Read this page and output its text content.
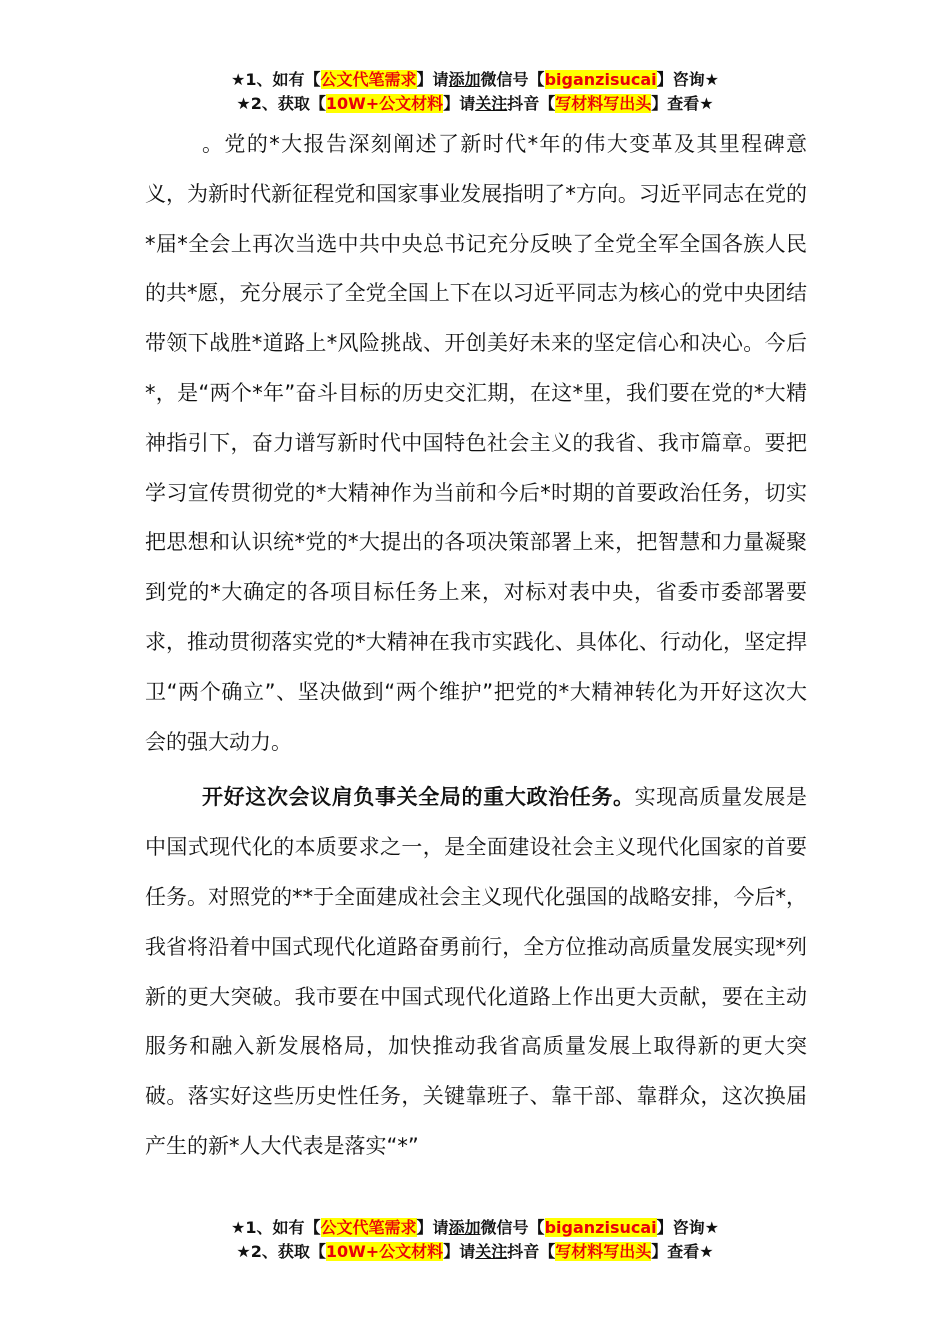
★1、如有【公文代笔需求】请添加微信号【biganzisucai】咨询★
★2、获取【10W+公文材料】请关注抖音【写材料写出头】查看★

。党的*大报告深刻阐述了新时代*年的伟大变革及其里程碑意义，为新时代新征程党和国家事业发展指明了*方向。习近平同志在党的*届*全会上再次当选中共中央总书记充分反映了全党全军全国各族人民的共*愿，充分展示了全党全国上下在以习近平同志为核心的党中央团结带领下战胜*道路上*风险挑战、开创美好未来的坚定信心和决心。今后*，是“两个*年”奋斗目标的历史交汇期，在这*里，我们要在党的*大精神指引下，奋力谱写新时代中国特色社会主义的我省、我市篇章。要把学习宣传贯彻党的*大精神作为当前和今后*时期的首要政治任务，切实把思想和认识统*党的*大提出的各项决策部署上来，把智慧和力量凝聚到党的*大确定的各项目标任务上来，对标对表中央，省委市委部署要求，推动贯彻落实党的*大精神在我市实践化、具体化、行动化，坚定捍卫“两个确立”、坚决做到“两个维护”把党的*大精神转化为开好这次大会的强大动力。

开好这次会议肩负事关全局的重大政治任务。实现高质量发展是中国式现代化的本质要求之一，是全面建设社会主义现代化国家的首要任务。对照党的**于全面建成社会主义现代化强国的战略安排，今后*，我省将沿着中国式现代化道路奋勇前行，全方位推动高质量发展实现*列新的更大突破。我市要在中国式现代化道路上作出更大贡献，要在主动服务和融入新发展格局，加快推动我省高质量发展上取得新的更大突破。落实好这些历史性任务，关键靠班子、靠干部、靠群众，这次换届产生的新*人大代表是落实“*”

★1、如有【公文代笔需求】请添加微信号【biganzisucai】咨询★
★2、获取【10W+公文材料】请关注抖音【写材料写出头】查看★
